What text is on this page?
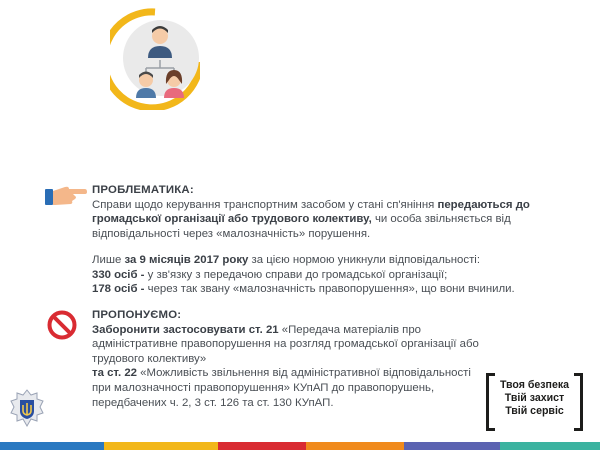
ПРОБЛЕМАТИКА:

Справи щодо керування транспортним засобом у стані сп'яніння передаються до громадської організації або трудового колективу, чи особа звільняється від відповідальності через «малозначність» порушення.

Лише за 9 місяців 2017 року за цією нормою уникнули відповідальності:

330 осіб - у зв'язку з передачою справи до громадської організації;

178 осіб - через так звану «малозначність правопорушення», що вони вчинили.

ПРОПОНУЄМО:

Заборонити застосовувати ст. 21 «Передача матеріалів про адміністративне правопорушення на розгляд громадської організації або трудового колективу»

та ст. 22 «Можливість звільнення від адміністративної відповідальності при малозначності правопорушення» КУпАП до правопорушень,

передбачених ч. 2, 3 ст. 126 та ст. 130 КУпАП.

Твоя безпека
Твій захист
Твій сервіс
